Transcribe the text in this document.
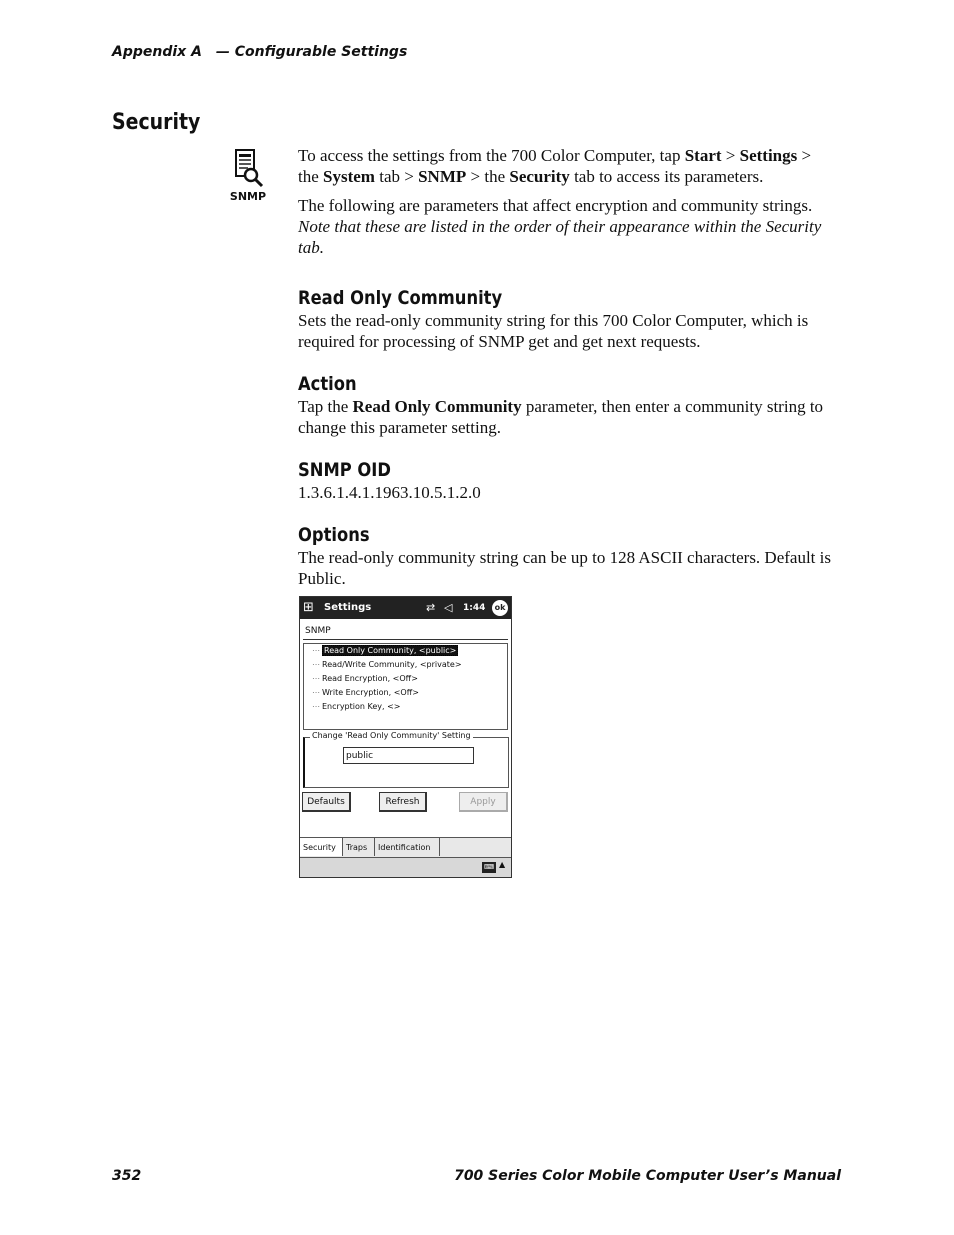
Appendix A — Configurable Settings
Security
SNMP

To access the settings from the 700 Color Computer, tap Start > Settings > the System tab > SNMP > the Security tab to access its parameters.

The following are parameters that affect encryption and community strings. Note that these are listed in the order of their appearance within the Security tab.

Read Only Community

Sets the read-only community string for this 700 Color Computer, which is required for processing of SNMP get and get next requests.

Action

Tap the Read Only Community parameter, then enter a community string to change this parameter setting.

SNMP OID

1.3.6.1.4.1.1963.10.5.1.2.0

Options

The read-only community string can be up to 128 ASCII characters. Default is Public.

⊞	Settings	⇄ ◁ 1:44	ok
SNMP
⋯ Read Only Community, <public>
⋯ Read/Write Community, <private>
⋯ Read Encryption, <Off>
⋯ Write Encryption, <Off>
⋯ Encryption Key, <>
Change 'Read Only Community' Setting
public
Defaults	Refresh	Apply
Security	Traps	Identification
⌨ ▲
352	700 Series Color Mobile Computer User’s Manual
